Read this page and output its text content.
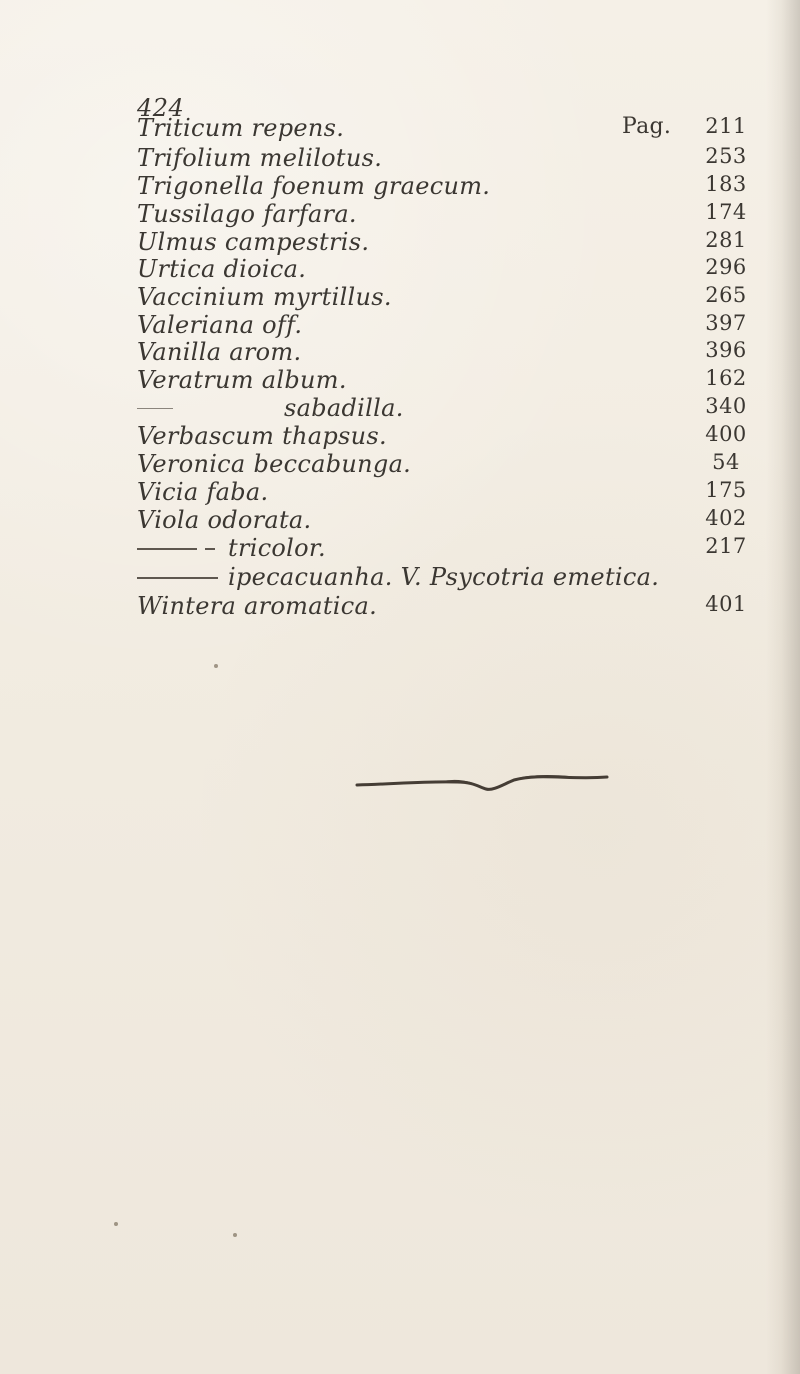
424
Pag.
Triticum repens.	211
Trifolium melilotus.	253
Trigonella foenum graecum.	183
Tussilago farfara.	174
Ulmus campestris.	281
Urtica dioica.	296
Vaccinium myrtillus.	265
Valeriana off.	397
Vanilla arom.	396
Veratrum album.	162
sabadilla.	340
Verbascum thapsus.	400
Veronica beccabunga.	54
Vicia faba.	175
Viola odorata.	402
tricolor.	217
ipecacuanha. V. Psycotria emetica.
Wintera aromatica.	401
